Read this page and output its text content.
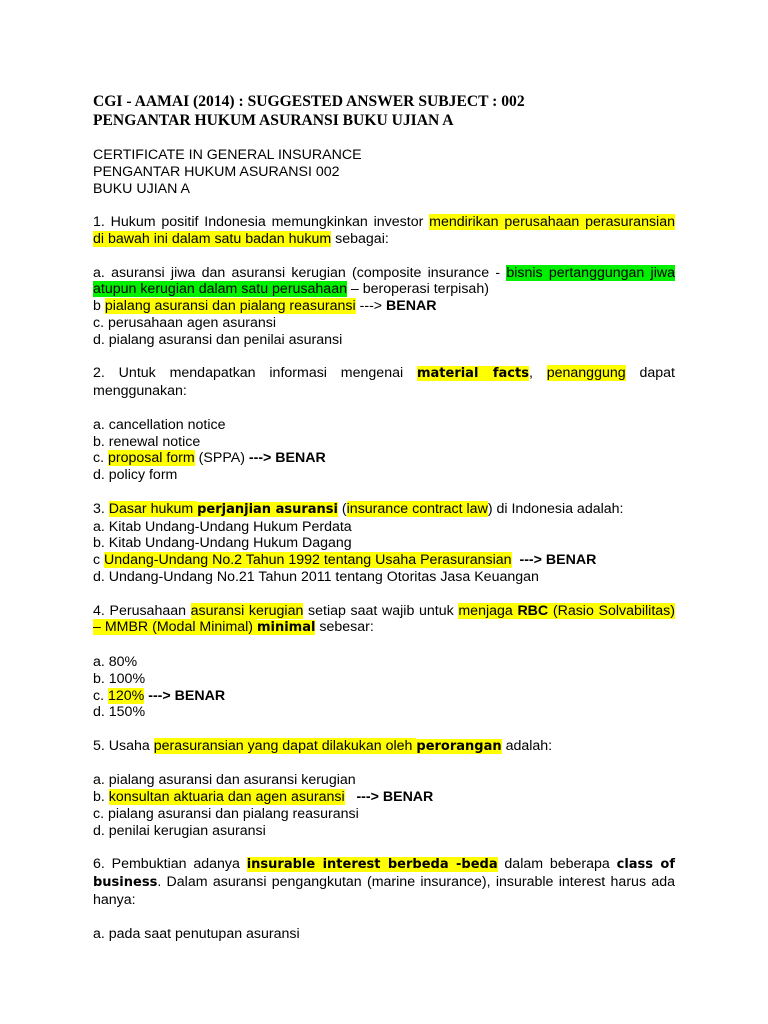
CGI - AAMAI (2014) : SUGGESTED ANSWER SUBJECT : 002
PENGANTAR HUKUM ASURANSI BUKU UJIAN A
CERTIFICATE IN GENERAL INSURANCE
PENGANTAR HUKUM ASURANSI 002
BUKU UJIAN A
1. Hukum positif Indonesia memungkinkan investor mendirikan perusahaan perasuransian di bawah ini dalam satu badan hukum sebagai:
a. asuransi jiwa dan asuransi kerugian (composite insurance - bisnis pertanggungan jiwa atupun kerugian dalam satu perusahaan – beroperasi terpisah)
b pialang asuransi dan pialang reasuransi ---> BENAR
c. perusahaan agen asuransi
d. pialang asuransi dan penilai asuransi
2. Untuk mendapatkan informasi mengenai material facts, penanggung dapat menggunakan:
a. cancellation notice
b. renewal notice
c. proposal form (SPPA) ---> BENAR
d. policy form
3. Dasar hukum perjanjian asuransi (insurance contract law) di Indonesia adalah:
a. Kitab Undang-Undang Hukum Perdata
b. Kitab Undang-Undang Hukum Dagang
c Undang-Undang No.2 Tahun 1992 tentang Usaha Perasuransian ---> BENAR
d. Undang-Undang No.21 Tahun 2011 tentang Otoritas Jasa Keuangan
4. Perusahaan asuransi kerugian setiap saat wajib untuk menjaga RBC (Rasio Solvabilitas) – MMBR (Modal Minimal) minimal sebesar:
a. 80%
b. 100%
c. 120% ---> BENAR
d. 150%
5. Usaha perasuransian yang dapat dilakukan oleh perorangan adalah:
a. pialang asuransi dan asuransi kerugian
b. konsultan aktuaria dan agen asuransi ---> BENAR
c. pialang asuransi dan pialang reasuransi
d. penilai kerugian asuransi
6. Pembuktian adanya insurable interest berbeda -beda dalam beberapa class of business. Dalam asuransi pengangkutan (marine insurance), insurable interest harus ada hanya:
a. pada saat penutupan asuransi
